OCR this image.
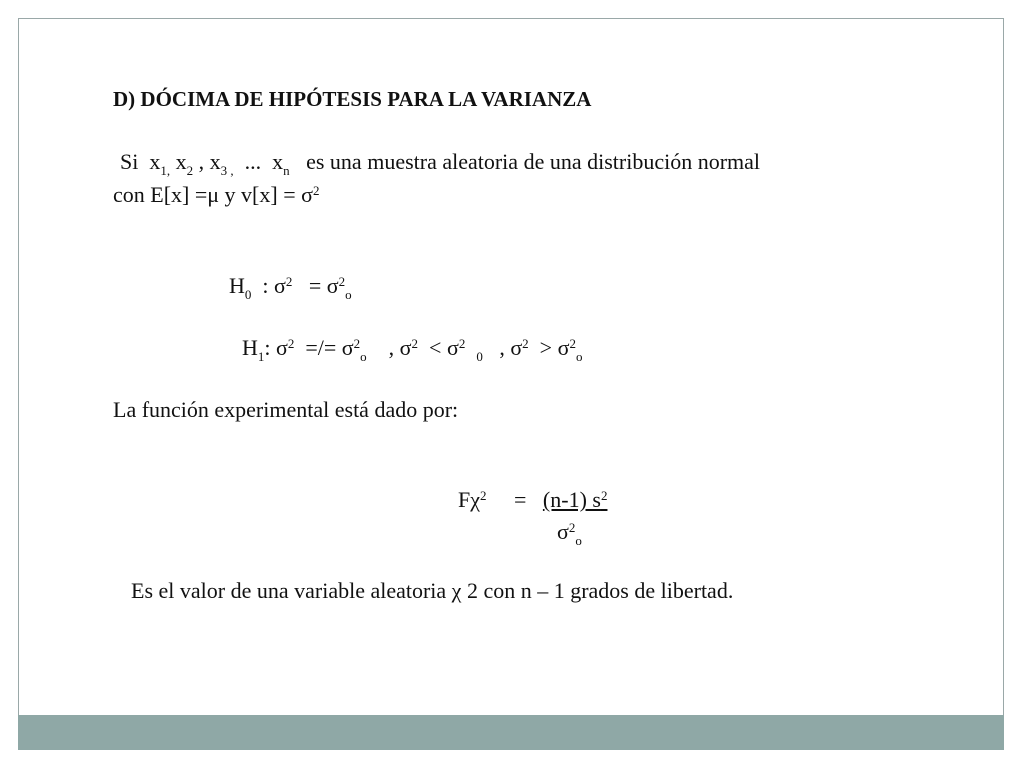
D) DÓCIMA DE HIPÓTESIS PARA LA VARIANZA
Si $x_{1,}$ $x_2$ , $x_{3 ,}$ ... $x_n$ es una muestra aleatoria de una distribución normal
con E[x] =μ y $v[x] = \sigma^2$
$H_0$ : $\sigma^2 = \sigma^2_o$
$H_1$: $\sigma^2$ =/= $\sigma^2_o$ , $\sigma^2 < \sigma^2$  $_0$ , $\sigma^2 > \sigma^2_o$
La función experimental está dado por:
$F\chi^2 = (n-1)$ $s^2$
$\sigma^2_o$
Es el valor de una variable aleatoria χ 2 con n – 1 grados de libertad.
